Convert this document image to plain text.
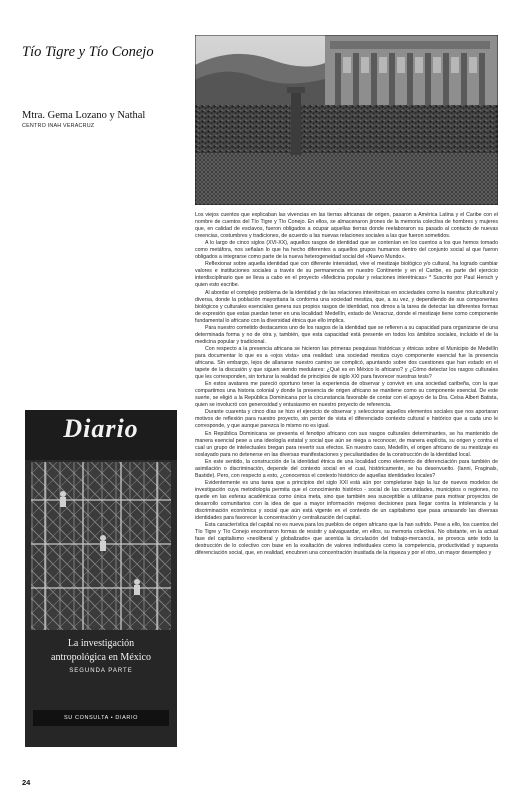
Tío Tigre y Tío Conejo
Mtra. Gema Lozano y Nathal
CENTRO INAH VERACRUZ

Los viejos cuentos que explicaban las vivencias en las tierras africanas de origen, pasaron a América Latina y el Caribe con el nombre de cuentos del Tío Tigre y Tío Conejo. En ellos, se almacenaron jirones de la memoria colectiva de hombres y mujeres que, en calidad de esclavos, fueron obligados a ocupar aquellas tierras donde reelaboraron su pasado al contacto de nuevas creencias, costumbres y tradiciones, de acuerdo a las nuevas relaciones sociales a las que fueron sometidos.

A lo largo de cinco siglos (XVI-XX), aquellos rasgos de identidad que se contenían en los cuentos a los que hemos tomado como metáfora, nos señalan lo que ha hecho diferentes a aquellos grupos humanos dentro del conjunto social al que fueron obligados a integrarse como parte de la nueva heterogeneidad social del «Nuevo Mundo».

Reflexionar sobre aquella identidad que con diferente intensidad, vive el mestizaje biológico y/o cultural, ha logrado cambiar valores e instituciones sociales a través de su permanencia en nuestro Continente y en el Caribe, es parte del ejercicio interdisciplinario que se lleva a cabo en el proyecto «Medicina popular y relaciones interétnicas» * Suscrito por Paul Hersch y quien esto escribe.

Al abordar el complejo problema de la identidad y de las relaciones interétnicas en sociedades como la nuestra: pluricultural y diversa, donde la población mayoritaria la conforma una sociedad mestiza, que, a su vez, y dependiendo de sus componentes biológicos y culturales esenciales genera sus propios rasgos de identidad, nos dimos a la tarea de detectar las diferentes formas de expresión que estas puedan tener en una localidad: Medellín, estado de Veracruz, donde el mestizaje tiene como componente fundamental lo africano con la diversidad étnica que ello implica.

Para nuestro cometido destacamos uno de los rasgos de la identidad que se refieren a su capacidad para organizarse de una determinada forma y no de otra y, también, que esta capacidad está presente en todos los ámbitos sociales, incluido el de la medicina popular y tradicional.

Con respecto a la presencia africana se hicieron las primeras pesquisas históricas y étnicas sobre el Municipio de Medellín para documentar lo que es a «ojos vista» una realidad: una sociedad mestiza cuyo componente esencial fue la presencia africana. Sin embargo, lejos de allanarse nuestro camino se complicó, apuntando sobre dos cuestiones que han estado en el tapete de la discusión y que siguen siendo medulares: ¿Qué es en México lo africano? y ¿Cómo detectar los rasgos culturales que les corresponden, sin torturar la realidad de principios de siglo XXI para favorecer nuestras tesis?

En estos avatares me pareció oportuno tener la experiencia de observar y convivir en una sociedad caribeña, con la que compartimos una historia colonial y donde la presencia de origen africano se mantiene como su componente esencial. De este suerte, se eligió a la República Dominicana por la circunstancia favorable de contar con el apoyo de la Dra. Celsa Albert Batista, quien se involucró con generosidad y entusiasmo en nuestro proyecto de referencia.

Durante cuarenta y cinco días se hizo el ejercicio de observar y seleccionar aquellos elementos sociales que nos aportaran motivos de reflexión para nuestro proyecto, sin perder de vista el diferenciado contexto cultural e histórico que a cada uno le corresponde, y que aunque parezca lo mismo no es igual.

En República Dominicana se presenta el fenotipo africano con sus rasgos culturales determinantes, se ha mantenido de manera esencial pese a una ideología estatal y social que aún se niega a reconocer, de manera explícita, su origen y contra el cual un grupo de intelectuales bregan para revertir sus efectos. En nuestro caso, Medellín, el origen africano de su mestizaje es soslayado para no detenerse en las diversas manifestaciones y peculiaridades de la construcción de la identidad local.

En este sentido, la construcción de la identidad étnica de una localidad como elemento de diferenciación para también de asimilación o discriminación, depende del contexto social en el cual, históricamente, se ha desenvuelto. (Ianni, Fraginals, Bastide). Pero, con respecto a esto, ¿conocemos el contexto histórico de aquellas identidades locales?

Evidentemente es una tarea que a principios del siglo XXI está aún por completarse bajo la luz de nuevos modelos de investigación cuya metodología permita que el conocimiento histórico - social de las comunidades, municipios o regiones, no quede en las esferas académicas como única meta, sino que también sea susceptible a utilizarse para motivar proyectos de desarrollo comunitarios con la idea de que a mayor información mejores decisiones para llegar contra la intolerancia y la discriminación económica y social que aún está vigente en el contexto de un capitalismo que pasa arrasando las diversas identidades para favorecer la concentración y centralización del capital.

Esta característica del capital no es nueva para los pueblos de origen africano que la han sufrido. Pese a ello, los cuentos del Tío Tigre y Tío Conejo encontraron formas de resistir y salvaguardar, en ellos, su memoria colectiva. No obstante, en la actual fase del capitalismo «neoliberal y globalizado» que acentúa la circulación del trabajo-mercancía, se provoca ante todo la destrucción de lo colectivo con base en la exaltación de valores individuales como la competencia, productividad y supuesta diferenciación social, que, en realidad, encubren una concentración inusitada de la riqueza y por el otro, un mayor desempleo y

Diario
La investigación
antropológica en México
SEGUNDA PARTE
SU CONSULTA • DIARIO
24
